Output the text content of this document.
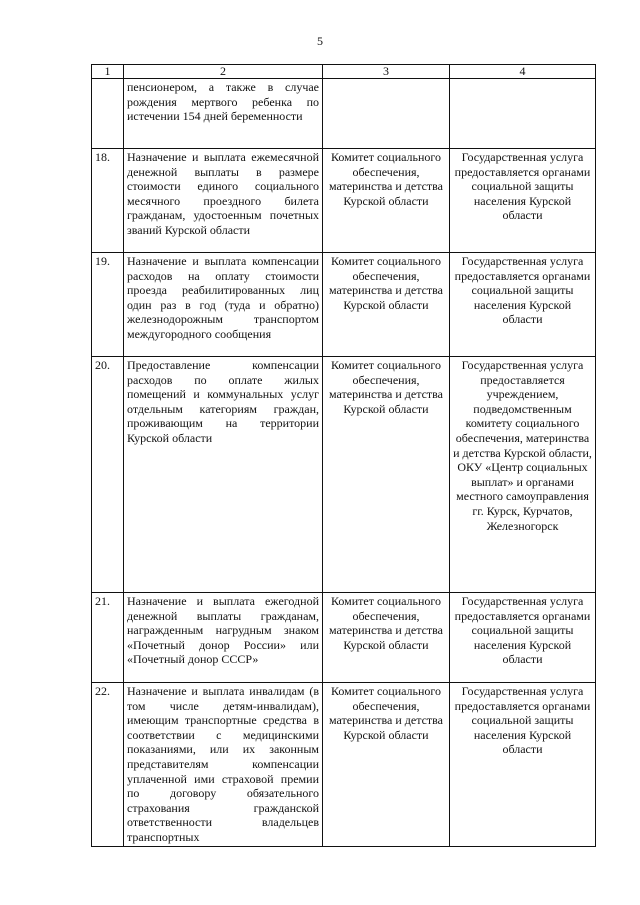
5
1	2	3	4
	пенсионером, а также в случае рождения мертвого ребенка по истечении 154 дней беременности		
18.	Назначение и выплата ежемесячной денежной выплаты в размере стоимости единого социального месячного проездного билета гражданам, удостоенным почетных званий Курской области	Комитет социального обеспечения, материнства и детства Курской области	Государственная услуга предоставляется органами социальной защиты населения Курской области
19.	Назначение и выплата компенсации расходов на оплату стоимости проезда реабилитированных лиц один раз в год (туда и обратно) железнодорожным транспортом междугородного сообщения	Комитет социального обеспечения, материнства и детства Курской области	Государственная услуга предоставляется органами социальной защиты населения Курской области
20.	Предоставление компенсации расходов по оплате жилых помещений и коммунальных услуг отдельным категориям граждан, проживающим на территории Курской области	Комитет социального обеспечения, материнства и детства Курской области	Государственная услуга предоставляется учреждением, подведомственным комитету социального обеспечения, материнства и детства Курской области, ОКУ «Центр социальных выплат» и органами местного самоуправления гг. Курск, Курчатов, Железногорск
21.	Назначение и выплата ежегодной денежной выплаты гражданам, награжденным нагрудным знаком «Почетный донор России» или «Почетный донор СССР»	Комитет социального обеспечения, материнства и детства Курской области	Государственная услуга предоставляется органами социальной защиты населения Курской области
22.	Назначение и выплата инвалидам (в том числе детям-инвалидам), имеющим транспортные средства в соответствии с медицинскими показаниями, или их законным представителям компенсации уплаченной ими страховой премии по договору обязательного страхования гражданской ответственности владельцев транспортных	Комитет социального обеспечения, материнства и детства Курской области	Государственная услуга предоставляется органами социальной защиты населения Курской области
